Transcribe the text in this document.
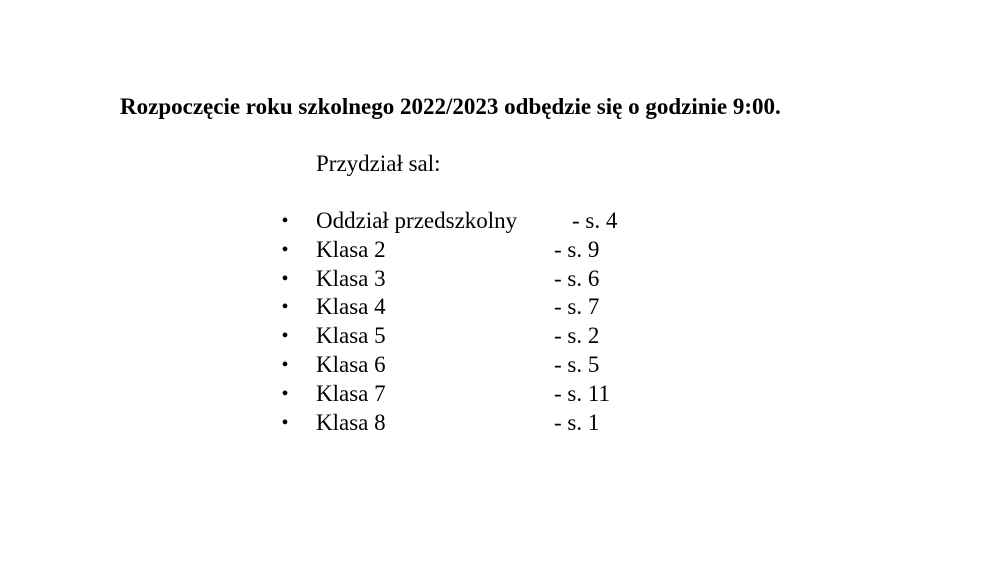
Rozpoczęcie roku szkolnego 2022/2023 odbędzie się o godzinie 9:00.

Przydział sal:

• Oddział przedszkolny - s. 4
• Klasa 2	- s. 9
• Klasa 3	- s. 6
• Klasa 4	- s. 7
• Klasa 5	- s. 2
• Klasa 6	- s. 5
• Klasa 7	- s. 11
• Klasa 8	- s. 1
